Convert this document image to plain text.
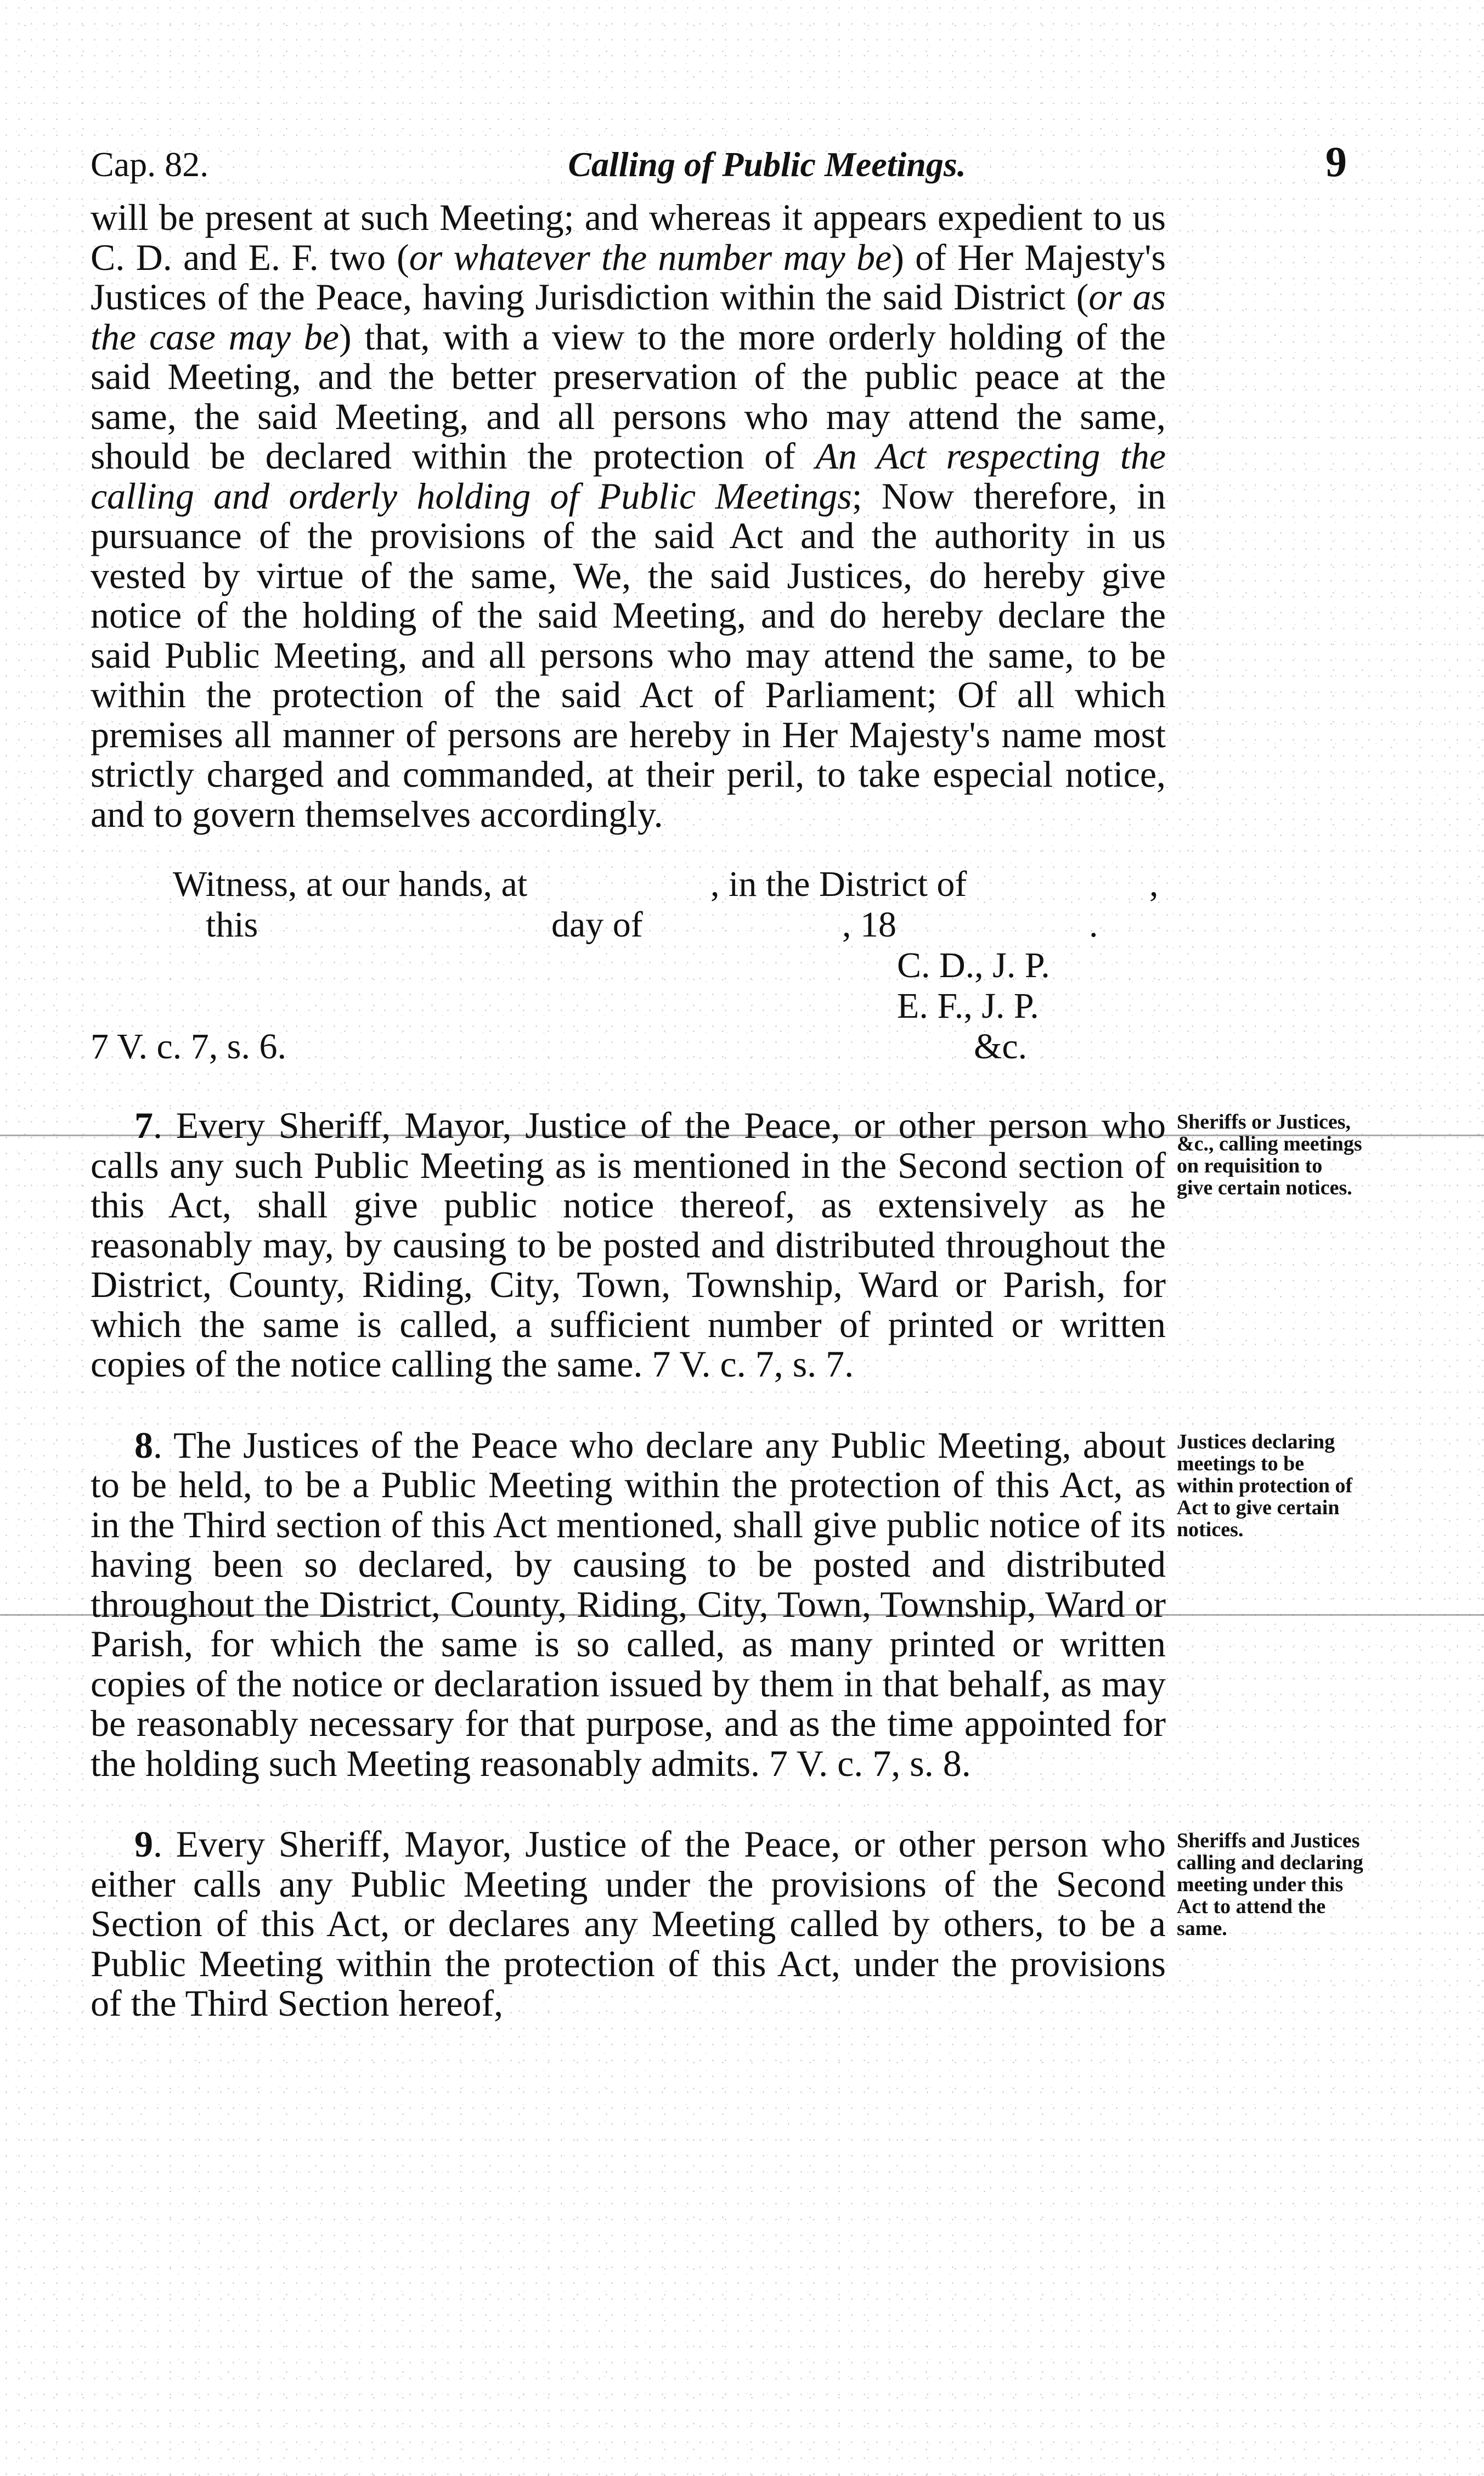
Cap. 82.	Calling of Public Meetings.	9

will be present at such Meeting; and whereas it appears expedient to us C. D. and E. F. two (or whatever the number may be) of Her Majesty's Justices of the Peace, having Jurisdiction within the said District (or as the case may be) that, with a view to the more orderly holding of the said Meeting, and the better preservation of the public peace at the same, the said Meeting, and all persons who may attend the same, should be declared within the protection of An Act respecting the calling and orderly holding of Public Meetings; Now therefore, in pursuance of the provisions of the said Act and the authority in us vested by virtue of the same, We, the said Justices, do hereby give notice of the holding of the said Meeting, and do hereby declare the said Public Meeting, and all persons who may attend the same, to be within the protection of the said Act of Parliament; Of all which premises all manner of persons are hereby in Her Majesty's name most strictly charged and commanded, at their peril, to take especial notice, and to govern themselves accordingly.

Witness, at our hands, at	, in the District of	,
this	day of	, 18	.
C. D., J. P.
E. F., J. P.
7 V. c. 7, s. 6.	&c.

7. Every Sheriff, Mayor, Justice of the Peace, or other person who calls any such Public Meeting as is mentioned in the Second section of this Act, shall give public notice thereof, as extensively as he reasonably may, by causing to be posted and distributed throughout the District, County, Riding, City, Town, Township, Ward or Parish, for which the same is called, a sufficient number of printed or written copies of the notice calling the same. 7 V. c. 7, s. 7.

Sheriffs or Justices, &c., calling meetings on requisition to give certain notices.

8. The Justices of the Peace who declare any Public Meeting, about to be held, to be a Public Meeting within the protection of this Act, as in the Third section of this Act mentioned, shall give public notice of its having been so declared, by causing to be posted and distributed throughout the District, County, Riding, City, Town, Township, Ward or Parish, for which the same is so called, as many printed or written copies of the notice or declaration issued by them in that behalf, as may be reasonably necessary for that purpose, and as the time appointed for the holding such Meeting reasonably admits. 7 V. c. 7, s. 8.

Justices declaring meetings to be within protection of Act to give certain notices.

9. Every Sheriff, Mayor, Justice of the Peace, or other person who either calls any Public Meeting under the provisions of the Second Section of this Act, or declares any Meeting called by others, to be a Public Meeting within the protection of this Act, under the provisions of the Third Section hereof,

Sheriffs and Justices calling and declaring meeting under this Act to attend the same.
